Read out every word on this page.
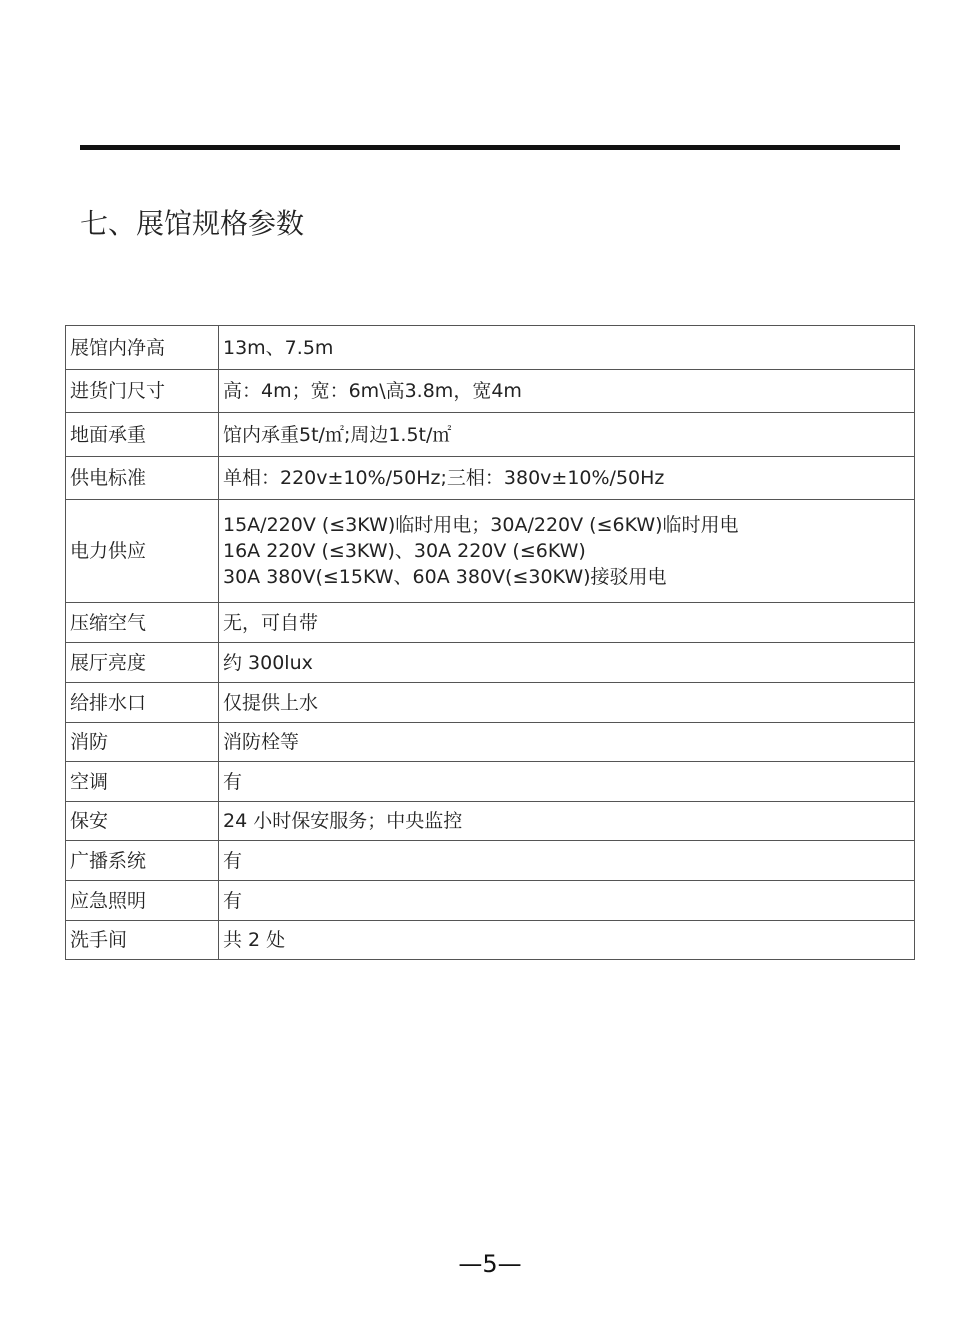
七、展馆规格参数
展馆内净高	13m、7.5m

进货门尺寸	高：4m；宽：6m\高3.8m，宽4m

地面承重	馆内承重5t/㎡;周边1.5t/㎡

供电标准	单相：220v±10%/50Hz;三相：380v±10%/50Hz

电力供应	15A/220V (≤3KW)临时用电；30A/220V (≤6KW)临时用电
16A 220V (≤3KW)、30A 220V (≤6KW)
30A 380V(≤15KW、60A 380V(≤30KW)接驳用电

压缩空气	无，可自带

展厅亮度	约 300lux

给排水口	仅提供上水

消防	消防栓等

空调	有

保安	24 小时保安服务；中央监控

广播系统	有

应急照明	有

洗手间	共 2 处
—5—
